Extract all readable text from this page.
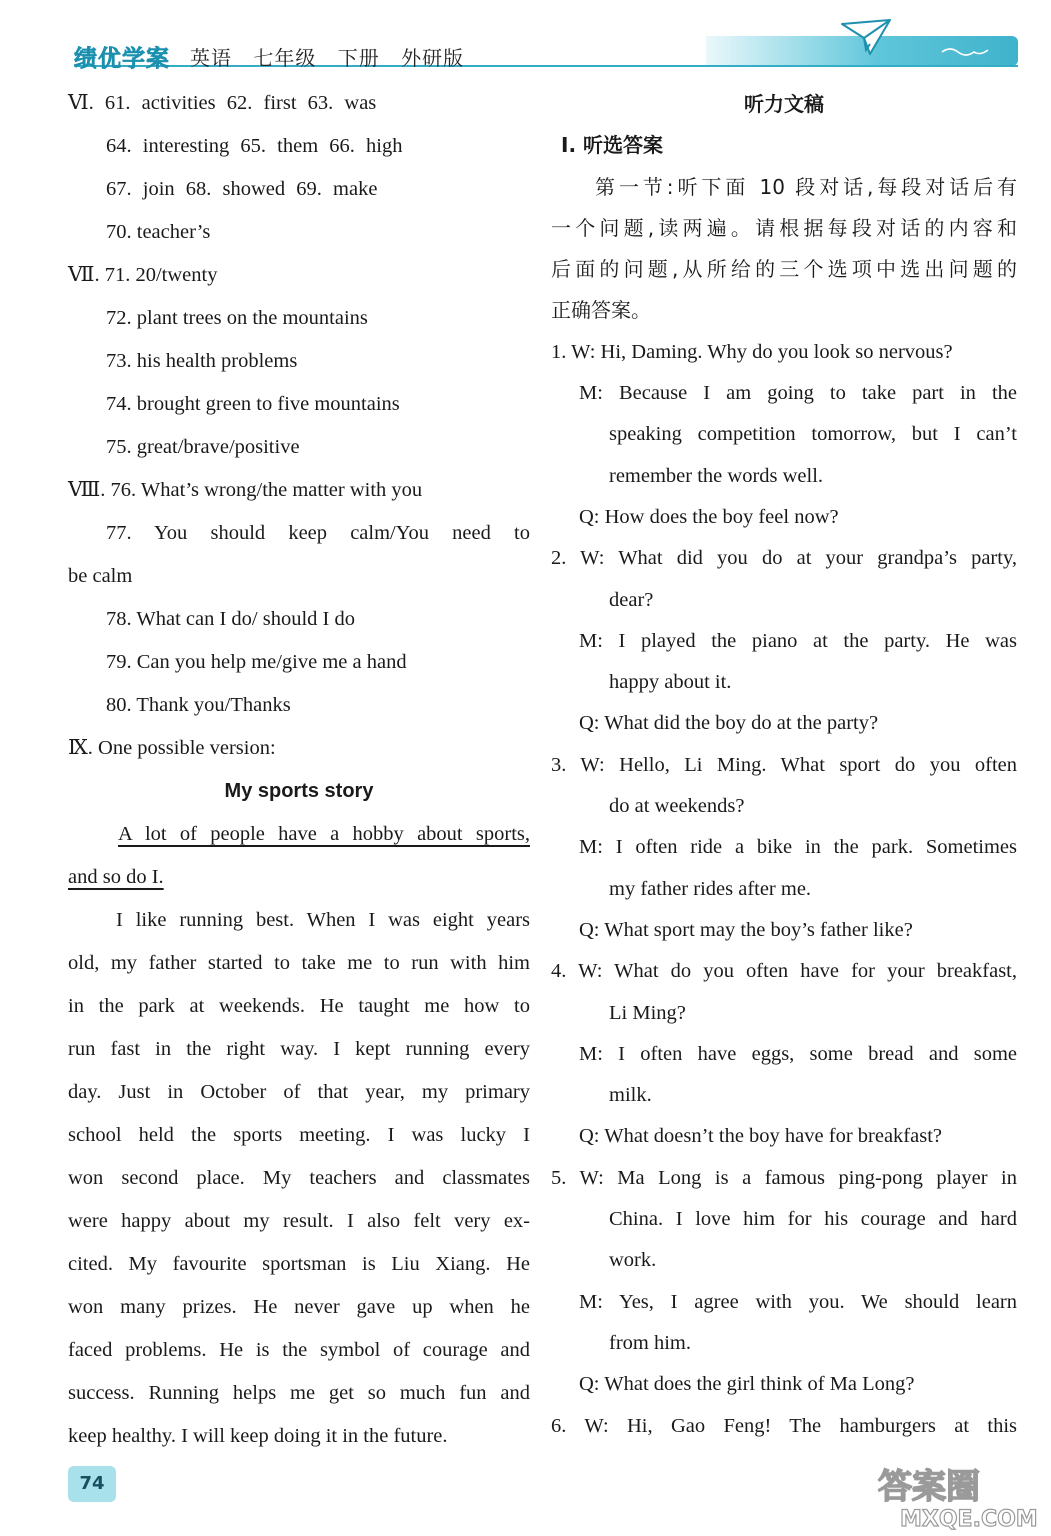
绩优学案 英语 七年级 下册 外研版
Ⅵ. 61. activities 62. first 63. was
64. interesting 65. them 66. high
67. join 68. showed 69. make
70. teacher’s
Ⅶ. 71. 20/twenty
72. plant trees on the mountains
73. his health problems
74. brought green to five mountains
75. great/brave/positive
Ⅷ. 76. What’s wrong/the matter with you
77. You should keep calm/You need to
be calm
78. What can I do/ should I do
79. Can you help me/give me a hand
80. Thank you/Thanks
Ⅸ. One possible version:
My sports story
A lot of people have a hobby about sports,
and so do I.
I like running best. When I was eight years
old, my father started to take me to run with him
in the park at weekends. He taught me how to
run fast in the right way. I kept running every
day. Just in October of that year, my primary
school held the sports meeting. I was lucky I
won second place. My teachers and classmates
were happy about my result. I also felt very ex-
cited. My favourite sportsman is Liu Xiang. He
won many prizes. He never gave up when he
faced problems. He is the symbol of courage and
success. Running helps me get so much fun and
keep healthy. I will keep doing it in the future.
听力文稿
Ⅰ. 听选答案
第一节:听下面 10 段对话,每段对话后有
一个问题,读两遍。请根据每段对话的内容和
后面的问题,从所给的三个选项中选出问题的
正确答案。
1. W: Hi, Daming. Why do you look so nervous?
M: Because I am going to take part in the
speaking competition tomorrow, but I can’t
remember the words well.
Q: How does the boy feel now?
2. W: What did you do at your grandpa’s party,
dear?
M: I played the piano at the party. He was
happy about it.
Q: What did the boy do at the party?
3. W: Hello, Li Ming. What sport do you often
do at weekends?
M: I often ride a bike in the park. Sometimes
my father rides after me.
Q: What sport may the boy’s father like?
4. W: What do you often have for your breakfast,
Li Ming?
M: I often have eggs, some bread and some
milk.
Q: What doesn’t the boy have for breakfast?
5. W: Ma Long is a famous ping-pong player in
China. I love him for his courage and hard
work.
M: Yes, I agree with you. We should learn
from him.
Q: What does the girl think of Ma Long?
6. W: Hi, Gao Feng! The hamburgers at this
74	答案圈
MXQE.COM
